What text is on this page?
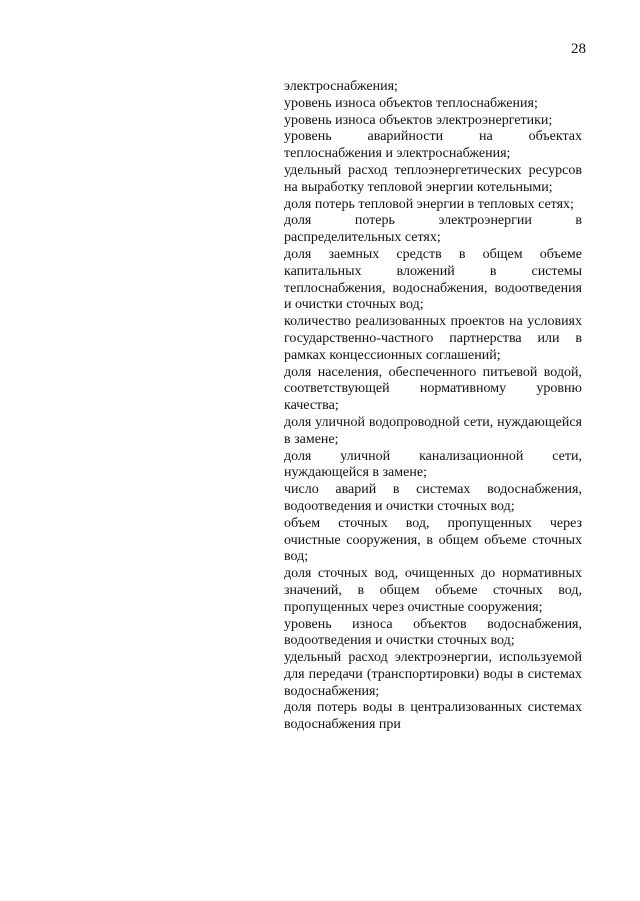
28

электроснабжения;

уровень износа объектов теплоснабжения;

уровень износа объектов электроэнергетики;

уровень аварийности на объектах теплоснабжения и электроснабжения;

удельный расход теплоэнергетических ресурсов на выработку тепловой энергии котельными;

доля потерь тепловой энергии в тепловых сетях;

доля потерь электроэнергии в распределительных сетях;

доля заемных средств в общем объеме капитальных вложений в системы теплоснабжения, водоснабжения, водоотведения и очистки сточных вод;

количество реализованных проектов на условиях государственно-частного партнерства или в рамках концессионных соглашений;

доля населения, обеспеченного питьевой водой, соответствующей нормативному уровню качества;

доля уличной водопроводной сети, нуждающейся в замене;

доля уличной канализационной сети, нуждающейся в замене;

число аварий в системах водоснабжения, водоотведения и очистки сточных вод;

объем сточных вод, пропущенных через очистные сооружения, в общем объеме сточных вод;

доля сточных вод, очищенных до нормативных значений, в общем объеме сточных вод, пропущенных через очистные сооружения;

уровень износа объектов водоснабжения, водоотведения и очистки сточных вод;

удельный расход электроэнергии, используемой для передачи (транспортировки) воды в системах водоснабжения;

доля потерь воды в централизованных системах водоснабжения при
